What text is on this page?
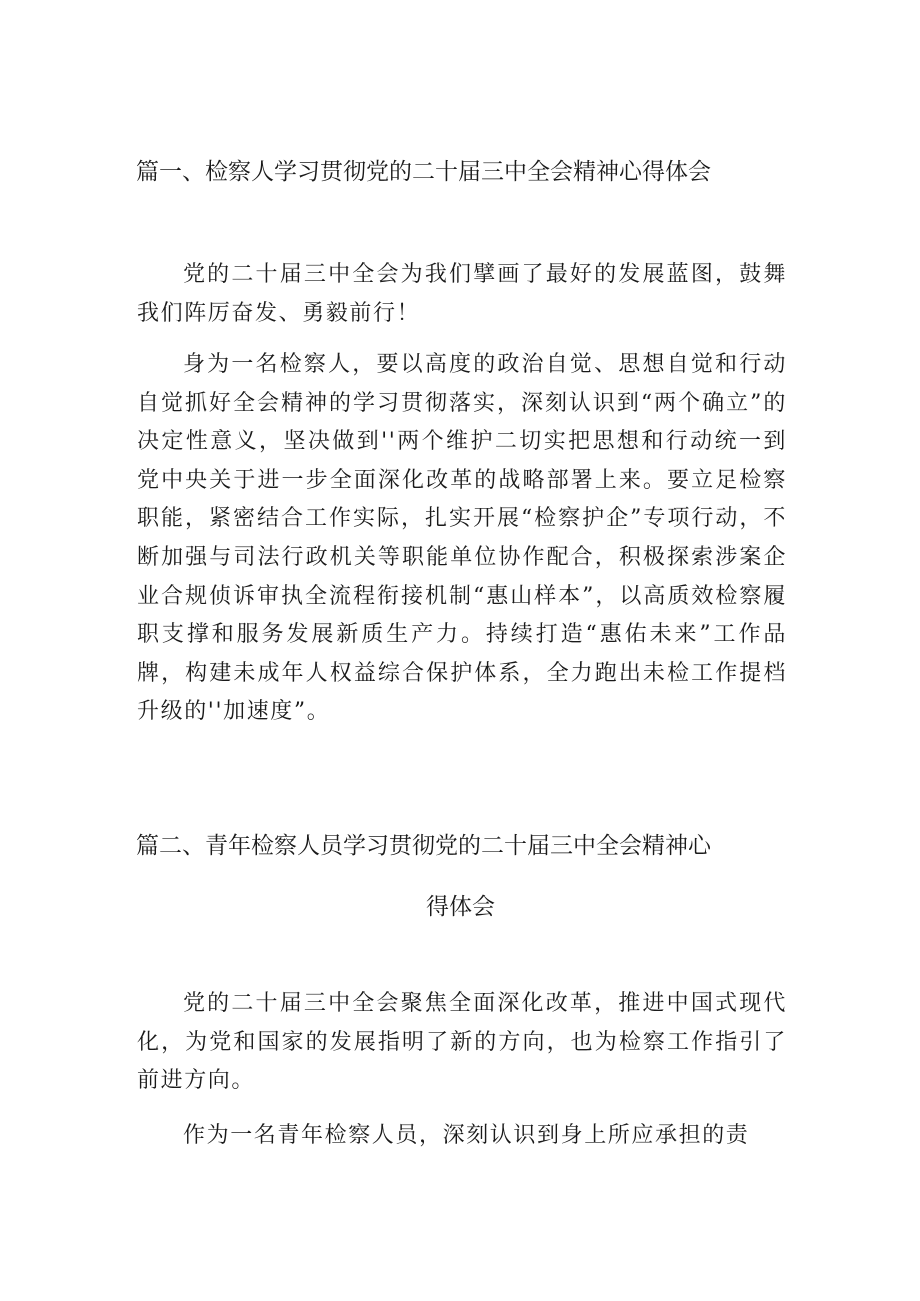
篇一、检察人学习贯彻党的二十届三中全会精神心得体会

党的二十届三中全会为我们擘画了最好的发展蓝图，鼓舞我们阵厉奋发、勇毅前行！

身为一名检察人，要以高度的政治自觉、思想自觉和行动自觉抓好全会精神的学习贯彻落实，深刻认识到“两个确立”的决定性意义，坚决做到''两个维护二切实把思想和行动统一到党中央关于进一步全面深化改革的战略部署上来。要立足检察职能，紧密结合工作实际，扎实开展“检察护企”专项行动，不断加强与司法行政机关等职能单位协作配合，积极探索涉案企业合规侦诉审执全流程衔接机制“惠山样本”，以高质效检察履职支撑和服务发展新质生产力。持续打造“惠佑未来”工作品牌，构建未成年人权益综合保护体系，全力跑出未检工作提档升级的''加速度”。

篇二、青年检察人员学习贯彻党的二十届三中全会精神心
得体会

党的二十届三中全会聚焦全面深化改革，推进中国式现代化，为党和国家的发展指明了新的方向，也为检察工作指引了前进方向。

作为一名青年检察人员，深刻认识到身上所应承担的责
